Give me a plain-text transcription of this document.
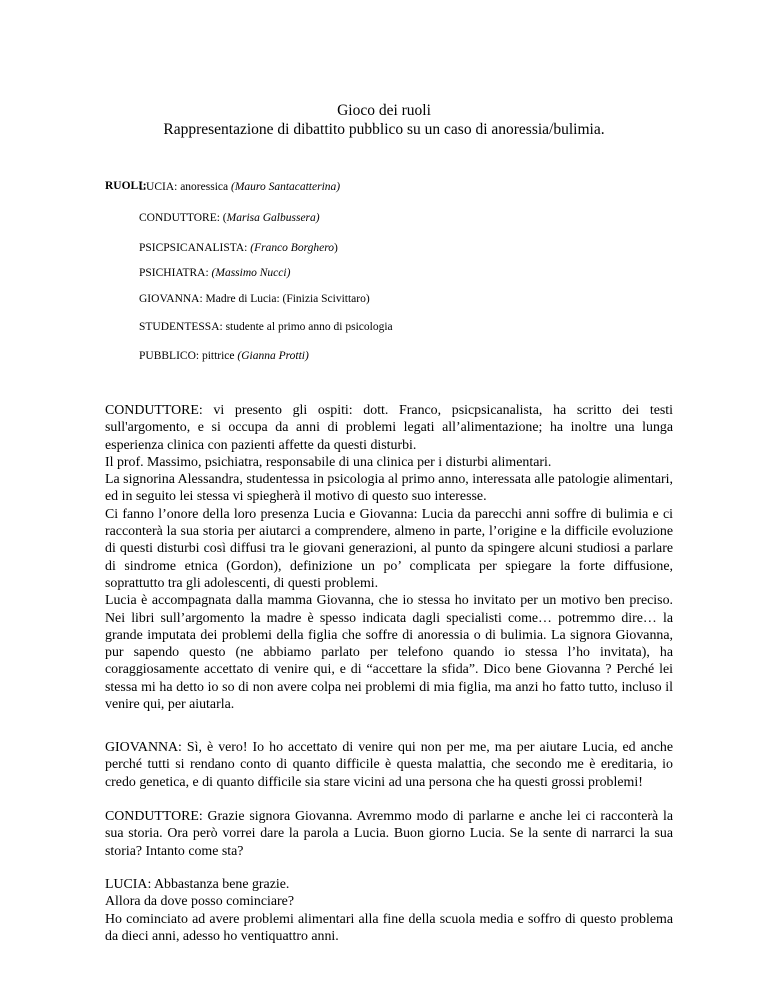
Gioco dei ruoli
Rappresentazione di dibattito pubblico su un caso di anoressia/bulimia.
RUOLI:
LUCIA: anoressica (Mauro Santacatterina)
CONDUTTORE: (Marisa Galbussera)
PSICPSICANALISTA: (Franco Borghero)
PSICHIATRA: (Massimo Nucci)
GIOVANNA: Madre di Lucia: (Finizia Scivittaro)
STUDENTESSA: studente al primo anno di psicologia
PUBBLICO: pittrice (Gianna Protti)

CONDUTTORE: vi presento gli ospiti: dott. Franco, psicpsicanalista, ha scritto dei testi sull'argomento, e si occupa da anni di problemi legati all’alimentazione; ha inoltre una lunga esperienza clinica con pazienti affette da questi disturbi.

Il prof. Massimo, psichiatra, responsabile di una clinica per i disturbi alimentari.

La signorina Alessandra, studentessa in psicologia al primo anno, interessata alle patologie alimentari, ed in seguito lei stessa vi spiegherà il motivo di questo suo interesse.

Ci fanno l’onore della loro presenza Lucia e Giovanna: Lucia da parecchi anni soffre di bulimia e ci racconterà la sua storia per aiutarci a comprendere, almeno in parte, l’origine e la difficile evoluzione di questi disturbi così diffusi tra le giovani generazioni, al punto da spingere alcuni studiosi a parlare di sindrome etnica (Gordon), definizione un po’ complicata per spiegare la forte diffusione, soprattutto tra gli adolescenti, di questi problemi.

Lucia è accompagnata dalla mamma Giovanna, che io stessa ho invitato per un motivo ben preciso. Nei libri sull’argomento la madre è spesso indicata dagli specialisti come… potremmo dire… la grande imputata dei problemi della figlia che soffre di anoressia o di bulimia. La signora Giovanna, pur sapendo questo (ne abbiamo parlato per telefono quando io stessa l’ho invitata), ha coraggiosamente accettato di venire qui, e di “accettare la sfida”. Dico bene Giovanna ? Perché lei stessa mi ha detto io so di non avere colpa nei problemi di mia figlia, ma anzi ho fatto tutto, incluso il venire qui, per aiutarla.

GIOVANNA: Sì, è vero! Io ho accettato di venire qui non per me, ma per aiutare Lucia, ed anche perché tutti si rendano conto di quanto difficile è questa malattia, che secondo me è ereditaria, io credo genetica, e di quanto difficile sia stare vicini ad una persona che ha questi grossi problemi!

CONDUTTORE: Grazie signora Giovanna. Avremmo modo di parlarne e anche lei ci racconterà la sua storia. Ora però vorrei dare la parola a Lucia. Buon giorno Lucia. Se la sente di narrarci la sua storia? Intanto come sta?

LUCIA: Abbastanza bene grazie.

Allora da dove posso cominciare?

Ho cominciato ad avere problemi alimentari alla fine della scuola media e soffro di questo problema da dieci anni, adesso ho ventiquattro anni.
